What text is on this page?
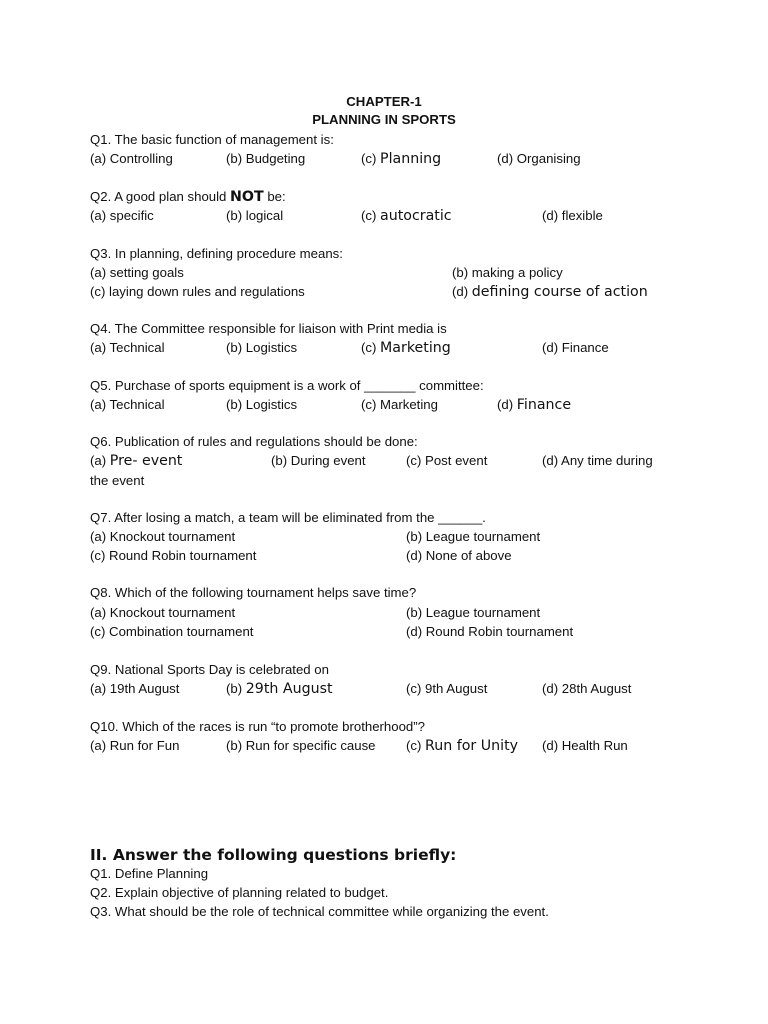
CHAPTER-1
PLANNING IN SPORTS
Q1. The basic function of management is:
(a) Controlling	(b) Budgeting	(c) Planning	(d) Organising
Q2. A good plan should NOT be:
(a) specific	(b) logical	(c) autocratic	(d) flexible
Q3. In planning, defining procedure means:
(a) setting goals	(b) making a policy
(c) laying down rules and regulations	(d) defining course of action
Q4. The Committee responsible for liaison with Print media is
(a) Technical	(b) Logistics	(c) Marketing	(d) Finance
Q5. Purchase of sports equipment is a work of _______ committee:
(a) Technical	(b) Logistics	(c) Marketing	(d) Finance
Q6. Publication of rules and regulations should be done:
(a) Pre- event	(b) During event	(c) Post event	(d) Any time during
the event
Q7. After losing a match, a team will be eliminated from the ______.
(a) Knockout tournament	(b) League tournament
(c) Round Robin tournament	(d) None of above
Q8. Which of the following tournament helps save time?
(a) Knockout tournament	(b) League tournament
(c) Combination tournament	(d) Round Robin tournament
Q9. National Sports Day is celebrated on
(a) 19th August	(b) 29th August	(c) 9th August	(d) 28th August
Q10. Which of the races is run “to promote brotherhood”?
(a) Run for Fun	(b) Run for specific cause (c) Run for Unity (d) Health Run
II. Answer the following questions briefly:
Q1. Define Planning
Q2. Explain objective of planning related to budget.
Q3. What should be the role of technical committee while organizing the event.
